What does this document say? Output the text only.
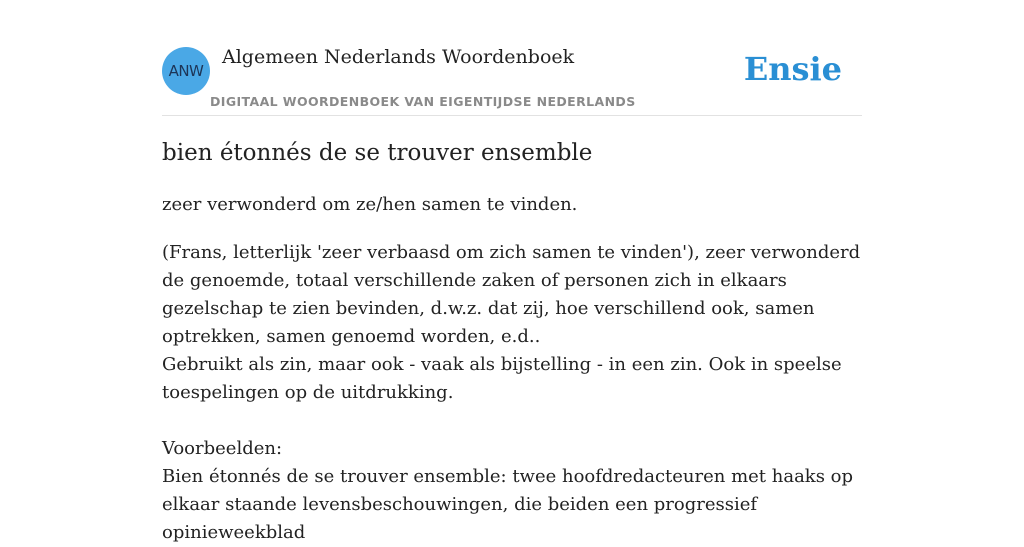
ANW
Algemeen Nederlands Woordenboek
DIGITAAL WOORDENBOEK VAN EIGENTIJDSE NEDERLANDS
Ensie
bien étonnés de se trouver ensemble

zeer verwonderd om ze/hen samen te vinden.

(Frans, letterlijk 'zeer verbaasd om zich samen te vinden'), zeer verwonderd de genoemde, totaal verschillende zaken of personen zich in elkaars gezelschap te zien bevinden, d.w.z. dat zij, hoe verschillend ook, samen optrekken, samen genoemd worden, e.d..

Gebruikt als zin, maar ook - vaak als bijstelling - in een zin. Ook in speelse toespelingen op de uitdrukking.

Voorbeelden:

Bien étonnés de se trouver ensemble: twee hoofdredacteuren met haaks op elkaar staande levensbeschouwingen, die beiden een progressief opinieweekblad
